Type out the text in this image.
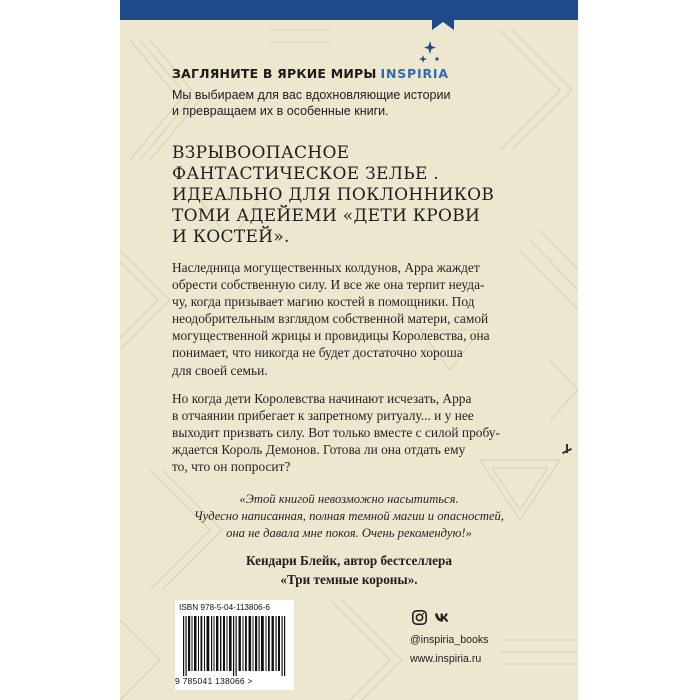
ЗАГЛЯНИТЕ В ЯРКИЕ МИРЫ INSPIRIA
Мы выбираем для вас вдохновляющие истории
и превращаем их в особенные книги.
ВЗРЫВООПАСНОЕ
ФАНТАСТИЧЕСКОЕ ЗЕЛЬЕ .
ИДЕАЛЬНО ДЛЯ ПОКЛОННИКОВ
ТОМИ АДЕЙЕМИ «ДЕТИ КРОВИ
И КОСТЕЙ».
Наследница могущественных колдунов, Арра жаждет
обрести собственную силу. И все же она терпит неуда-
чу, когда призывает магию костей в помощники. Под
неодобрительным взглядом собственной матери, самой
могущественной жрицы и провидицы Королевства, она
понимает, что никогда не будет достаточно хороша
для своей семьи.
Но когда дети Королевства начинают исчезать, Арра
в отчаянии прибегает к запретному ритуалу... и у нее
выходит призвать силу. Вот только вместе с силой пробу-
ждается Король Демонов. Готова ли она отдать ему
то, что он попросит?
«Этой книгой невозможно насытиться.
Чудесно написанная, полная темной магии и опасностей,
она не давала мне покоя. Очень рекомендую!»
Кендари Блейк, автор бестселлера
«Три темные короны».
ISBN 978-5-04-113806-6
9 785041 138066 >
@inspiria_books
www.inspiria.ru
